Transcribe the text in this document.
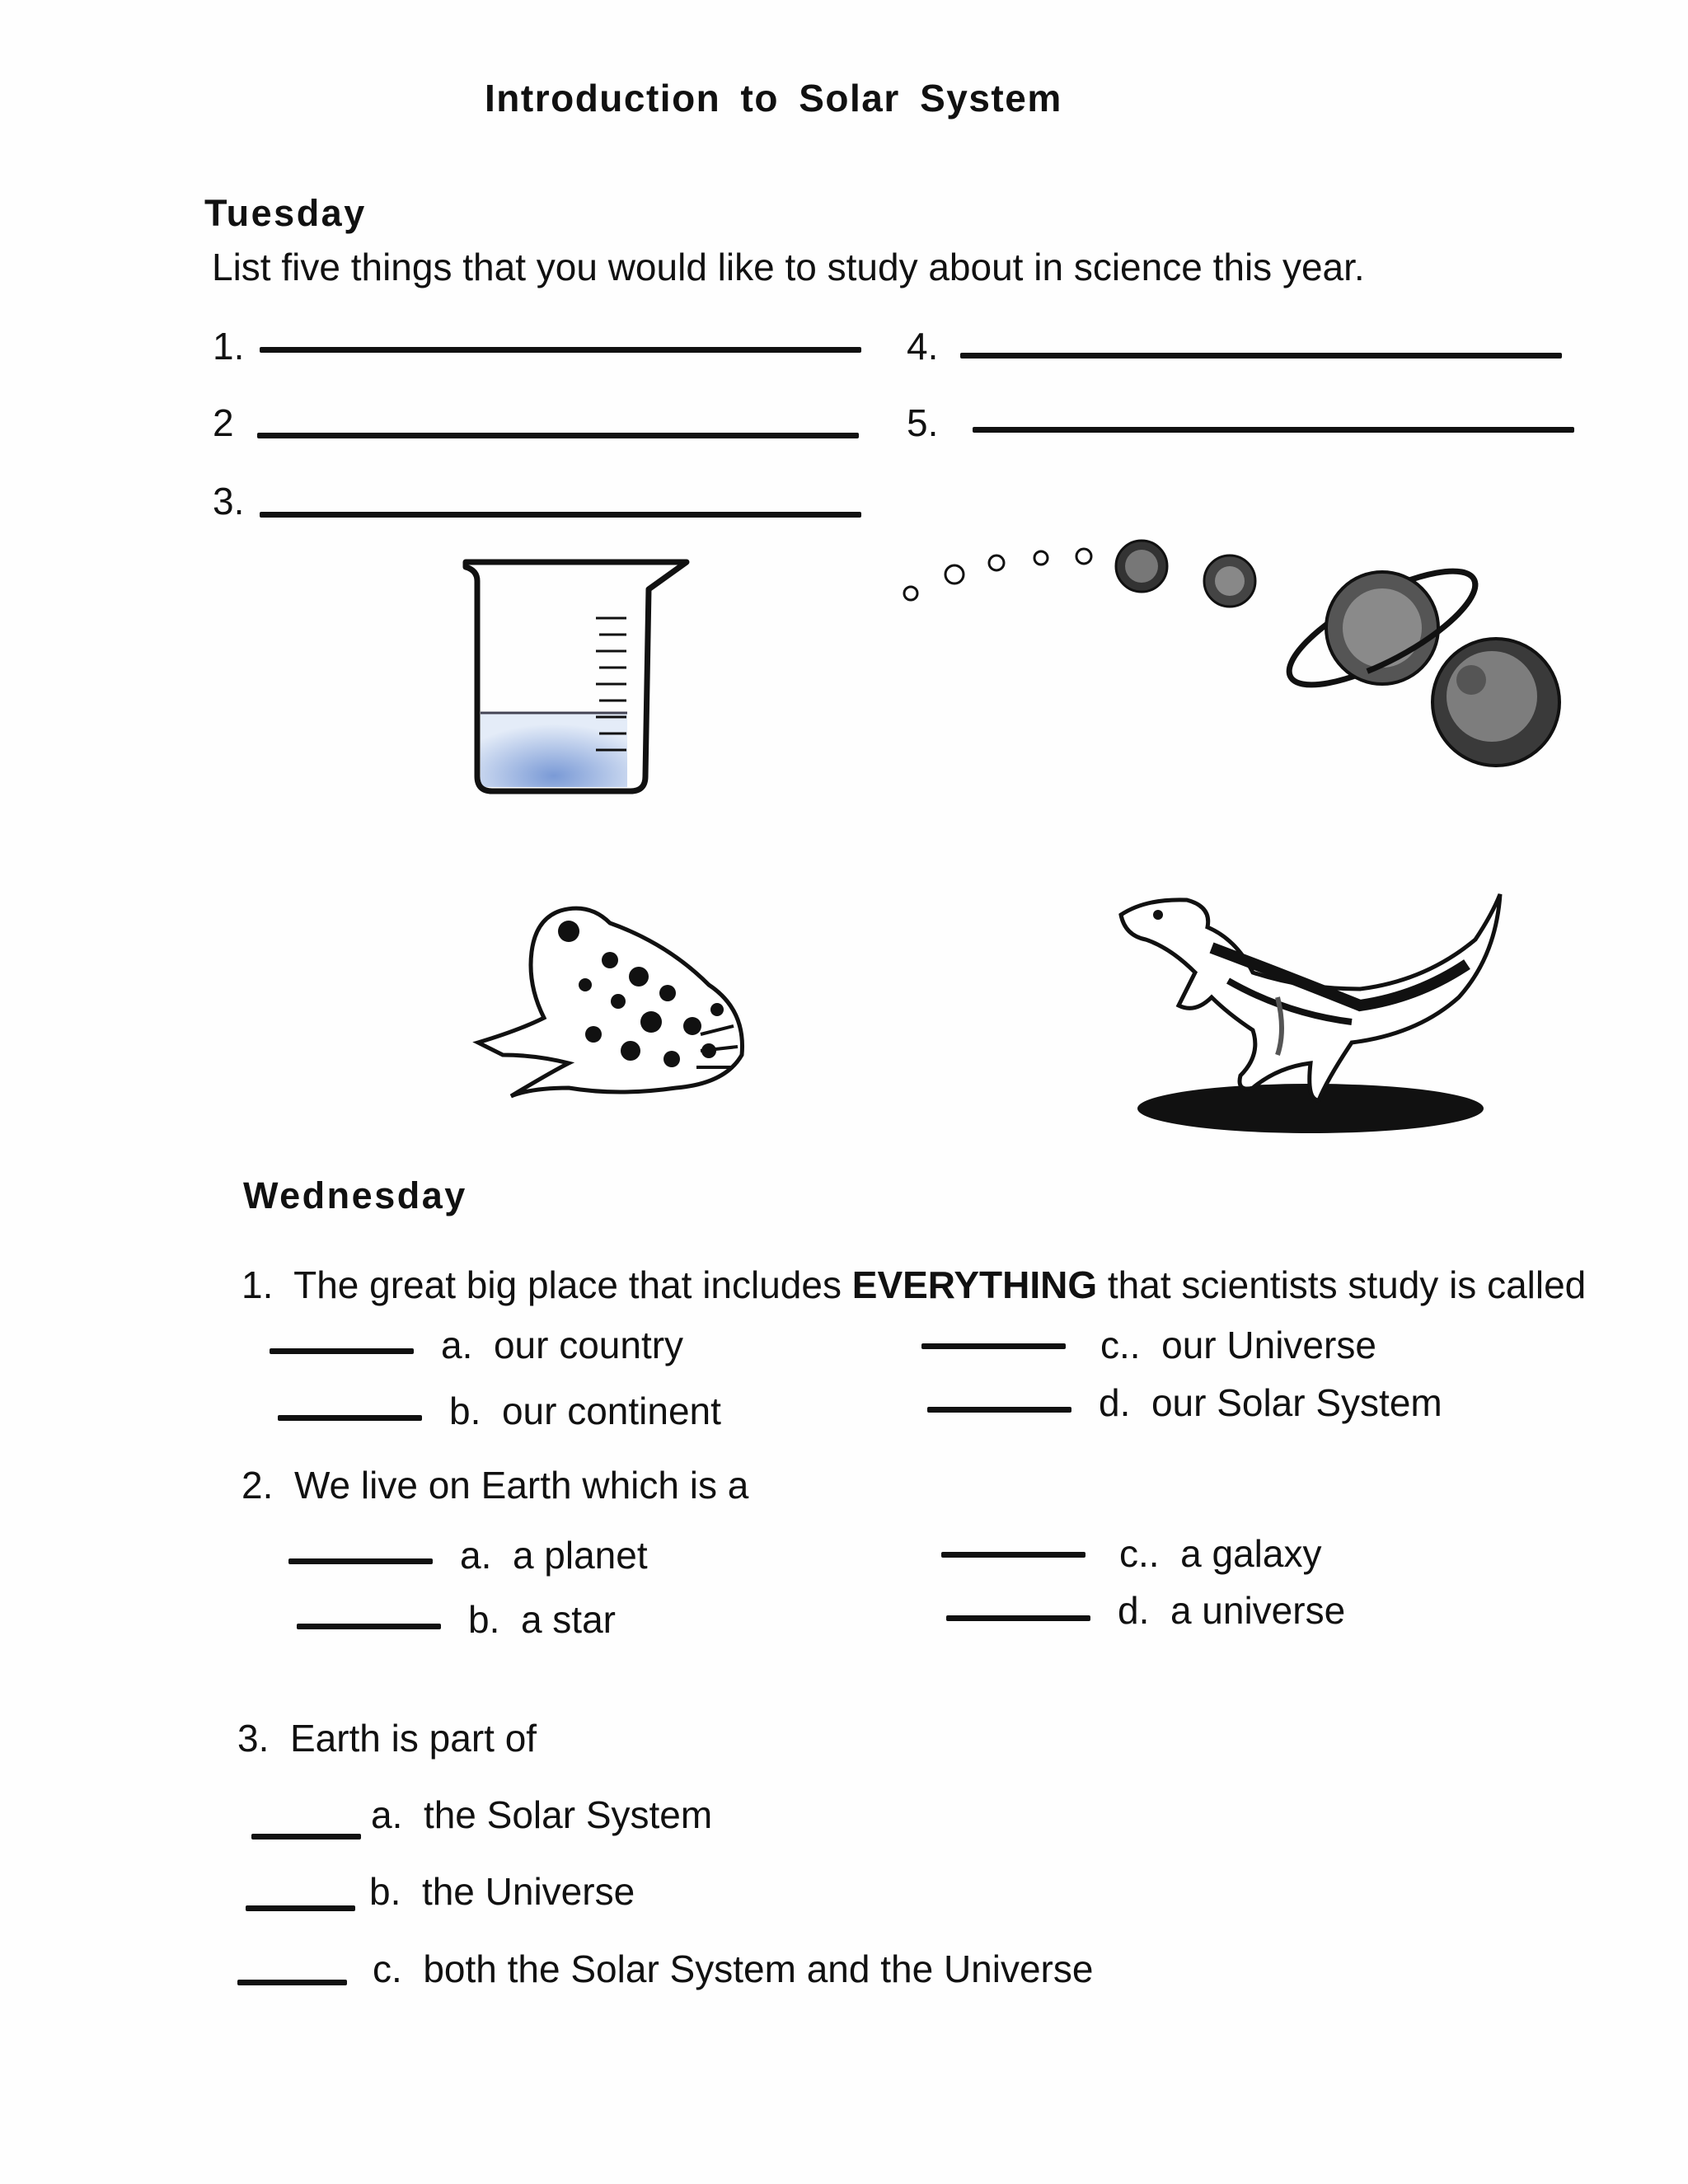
Introduction to Solar System
Tuesday
List five things that you would like to study about in science this year.
1.
2
3.
4.
5.
Wednesday
1. The great big place that includes EVERYTHING that scientists study is called
a. our country
b. our continent
c.. our Universe
d. our Solar System
2. We live on Earth which is a
a. a planet
b. a star
c.. a galaxy
d. a universe
3. Earth is part of
a. the Solar System
b. the Universe
c. both the Solar System and the Universe
